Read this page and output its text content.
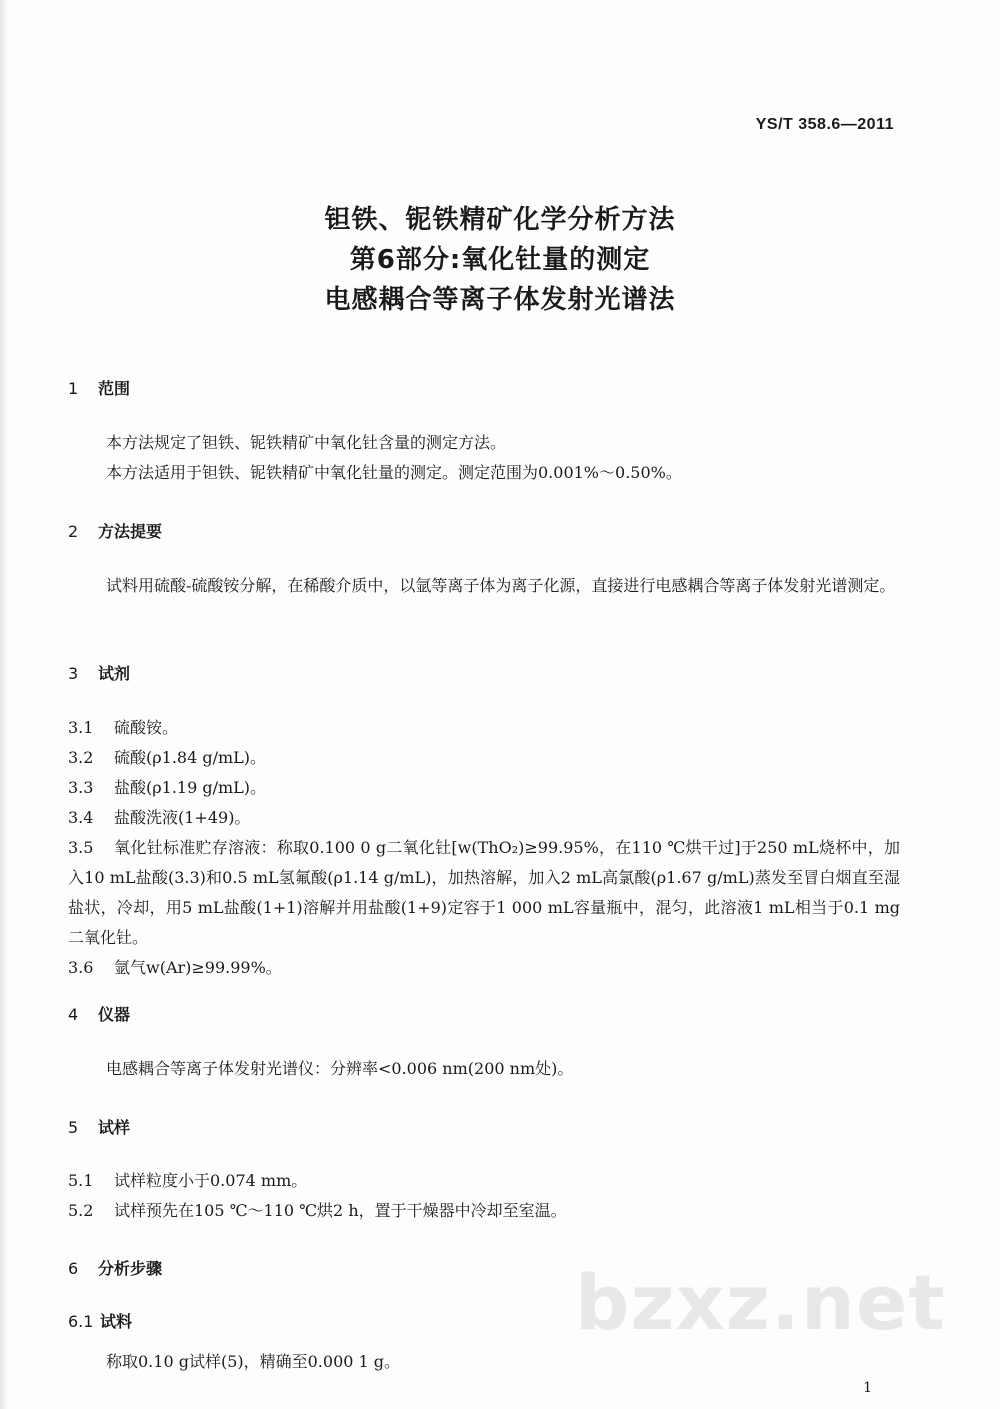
YS/T 358.6—2011
钽铁、铌铁精矿化学分析方法
第6部分:氧化钍量的测定
电感耦合等离子体发射光谱法
1 范围
本方法规定了钽铁、铌铁精矿中氧化钍含量的测定方法。
本方法适用于钽铁、铌铁精矿中氧化钍量的测定。测定范围为0.001%～0.50%。
2 方法提要
试料用硫酸-硫酸铵分解，在稀酸介质中，以氩等离子体为离子化源，直接进行电感耦合等离子体发射光谱测定。
3 试剂
3.1 硫酸铵。
3.2 硫酸(ρ1.84 g/mL)。
3.3 盐酸(ρ1.19 g/mL)。
3.4 盐酸洗液(1+49)。
3.5 氧化钍标准贮存溶液：称取0.100 0 g二氧化钍[w(ThO₂)≥99.95%，在110 ℃烘干过]于250 mL烧杯中，加入10 mL盐酸(3.3)和0.5 mL氢氟酸(ρ1.14 g/mL)，加热溶解，加入2 mL高氯酸(ρ1.67 g/mL)蒸发至冒白烟直至湿盐状，冷却，用5 mL盐酸(1+1)溶解并用盐酸(1+9)定容于1 000 mL容量瓶中，混匀，此溶液1 mL相当于0.1 mg二氧化钍。
3.6 氩气w(Ar)≥99.99%。
4 仪器
电感耦合等离子体发射光谱仪：分辨率<0.006 nm(200 nm处)。
5 试样
5.1 试样粒度小于0.074 mm。
5.2 试样预先在105 ℃～110 ℃烘2 h，置于干燥器中冷却至室温。
6 分析步骤
6.1 试料
称取0.10 g试样(5)，精确至0.000 1 g。
bzxz.net
1
